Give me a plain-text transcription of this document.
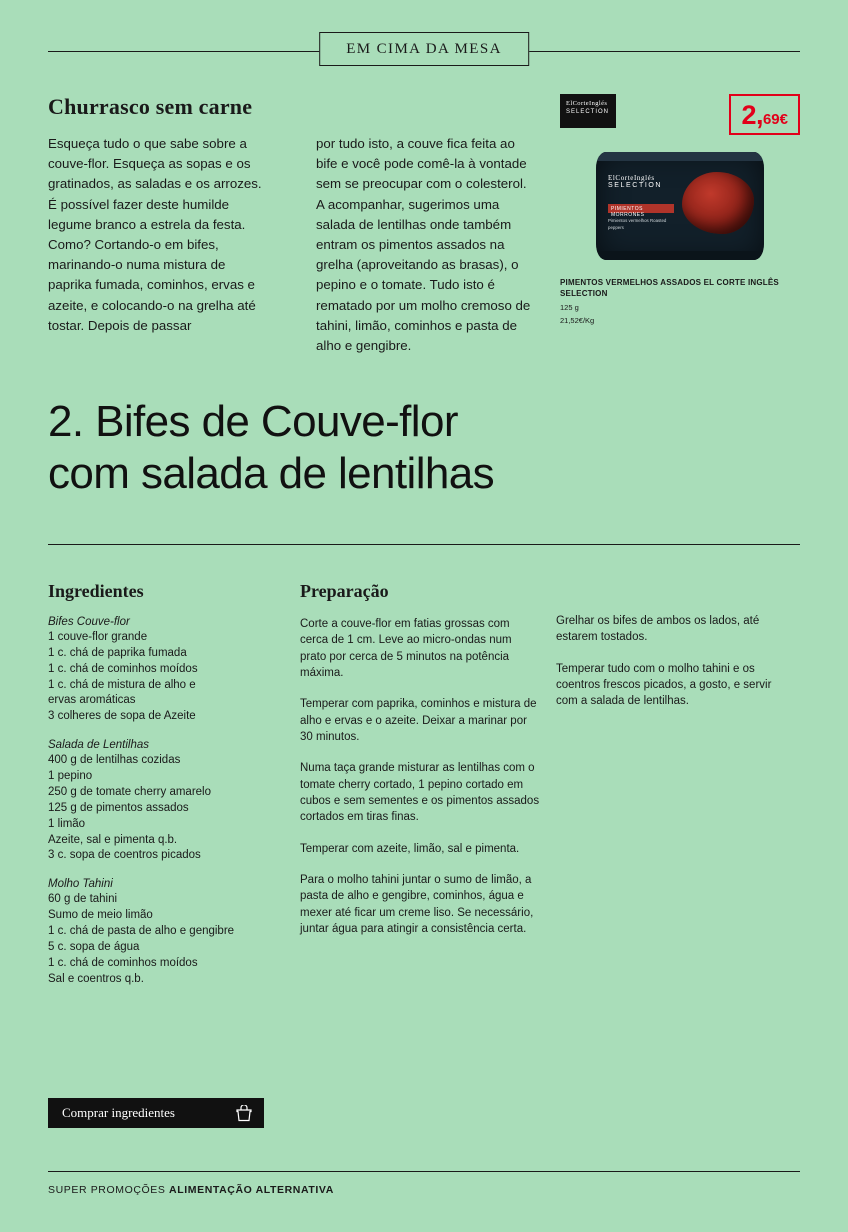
EM CIMA DA MESA
Churrasco sem carne

Esqueça tudo o que sabe sobre a couve-flor. Esqueça as sopas e os gratinados, as saladas e os arrozes. É possível fazer deste humilde legume branco a estrela da festa. Como? Cortando-o em bifes, marinando-o numa mistura de paprika fumada, cominhos, ervas e azeite, e colocando-o na grelha até tostar. Depois de passar

por tudo isto, a couve fica feita ao bife e você pode comê-la à vontade sem se preocupar com o colesterol. A acompanhar, sugerimos uma salada de lentilhas onde também entram os pimentos assados na grelha (aproveitando as brasas), o pepino e o tomate. Tudo isto é rematado por um molho cremoso de tahini, limão, cominhos e pasta de alho e gengibre.

ElCorteInglés
SELECTION	2,69€
ElCorteInglés
SELECTION
PIMIENTOS MORRONES
Pimientos vermelhos Roasted peppers
PIMENTOS VERMELHOS ASSADOS EL CORTE INGLÊS SELECTION
125 g
21,52€/Kg
2. Bifes de Couve-flor
com salada de lentilhas
Ingredientes
Bifes Couve-flor
1 couve-flor grande
1 c. chá de paprika fumada
1 c. chá de cominhos moídos
1 c. chá de mistura de alho e
ervas aromáticas
3 colheres de sopa de Azeite
Salada de Lentilhas
400 g de lentilhas cozidas
1 pepino
250 g de tomate cherry amarelo
125 g de pimentos assados
1 limão
Azeite, sal e pimenta q.b.
3 c. sopa de coentros picados
Molho Tahini
60 g de tahini
Sumo de meio limão
1 c. chá de pasta de alho e gengibre
5 c. sopa de água
1 c. chá de cominhos moídos
Sal e coentros q.b.
Preparação

Corte a couve-flor em fatias grossas com cerca de 1 cm. Leve ao micro-ondas num prato por cerca de 5 minutos na potência máxima.

Temperar com paprika, cominhos e mistura de alho e ervas e o azeite. Deixar a marinar por 30 minutos.

Numa taça grande misturar as lentilhas com o tomate cherry cortado, 1 pepino cortado em cubos e sem sementes e os pimentos assados cortados em tiras finas.

Temperar com azeite, limão, sal e pimenta.

Para o molho tahini juntar o sumo de limão, a pasta de alho e gengibre, cominhos, água e mexer até ficar um creme liso. Se necessário, juntar água para atingir a consistência certa.

Grelhar os bifes de ambos os lados, até estarem tostados.

Temperar tudo com o molho tahini e os coentros frescos picados, a gosto, e servir com a salada de lentilhas.

Comprar ingredientes
SUPER PROMOÇÕES ALIMENTAÇÃO ALTERNATIVA
